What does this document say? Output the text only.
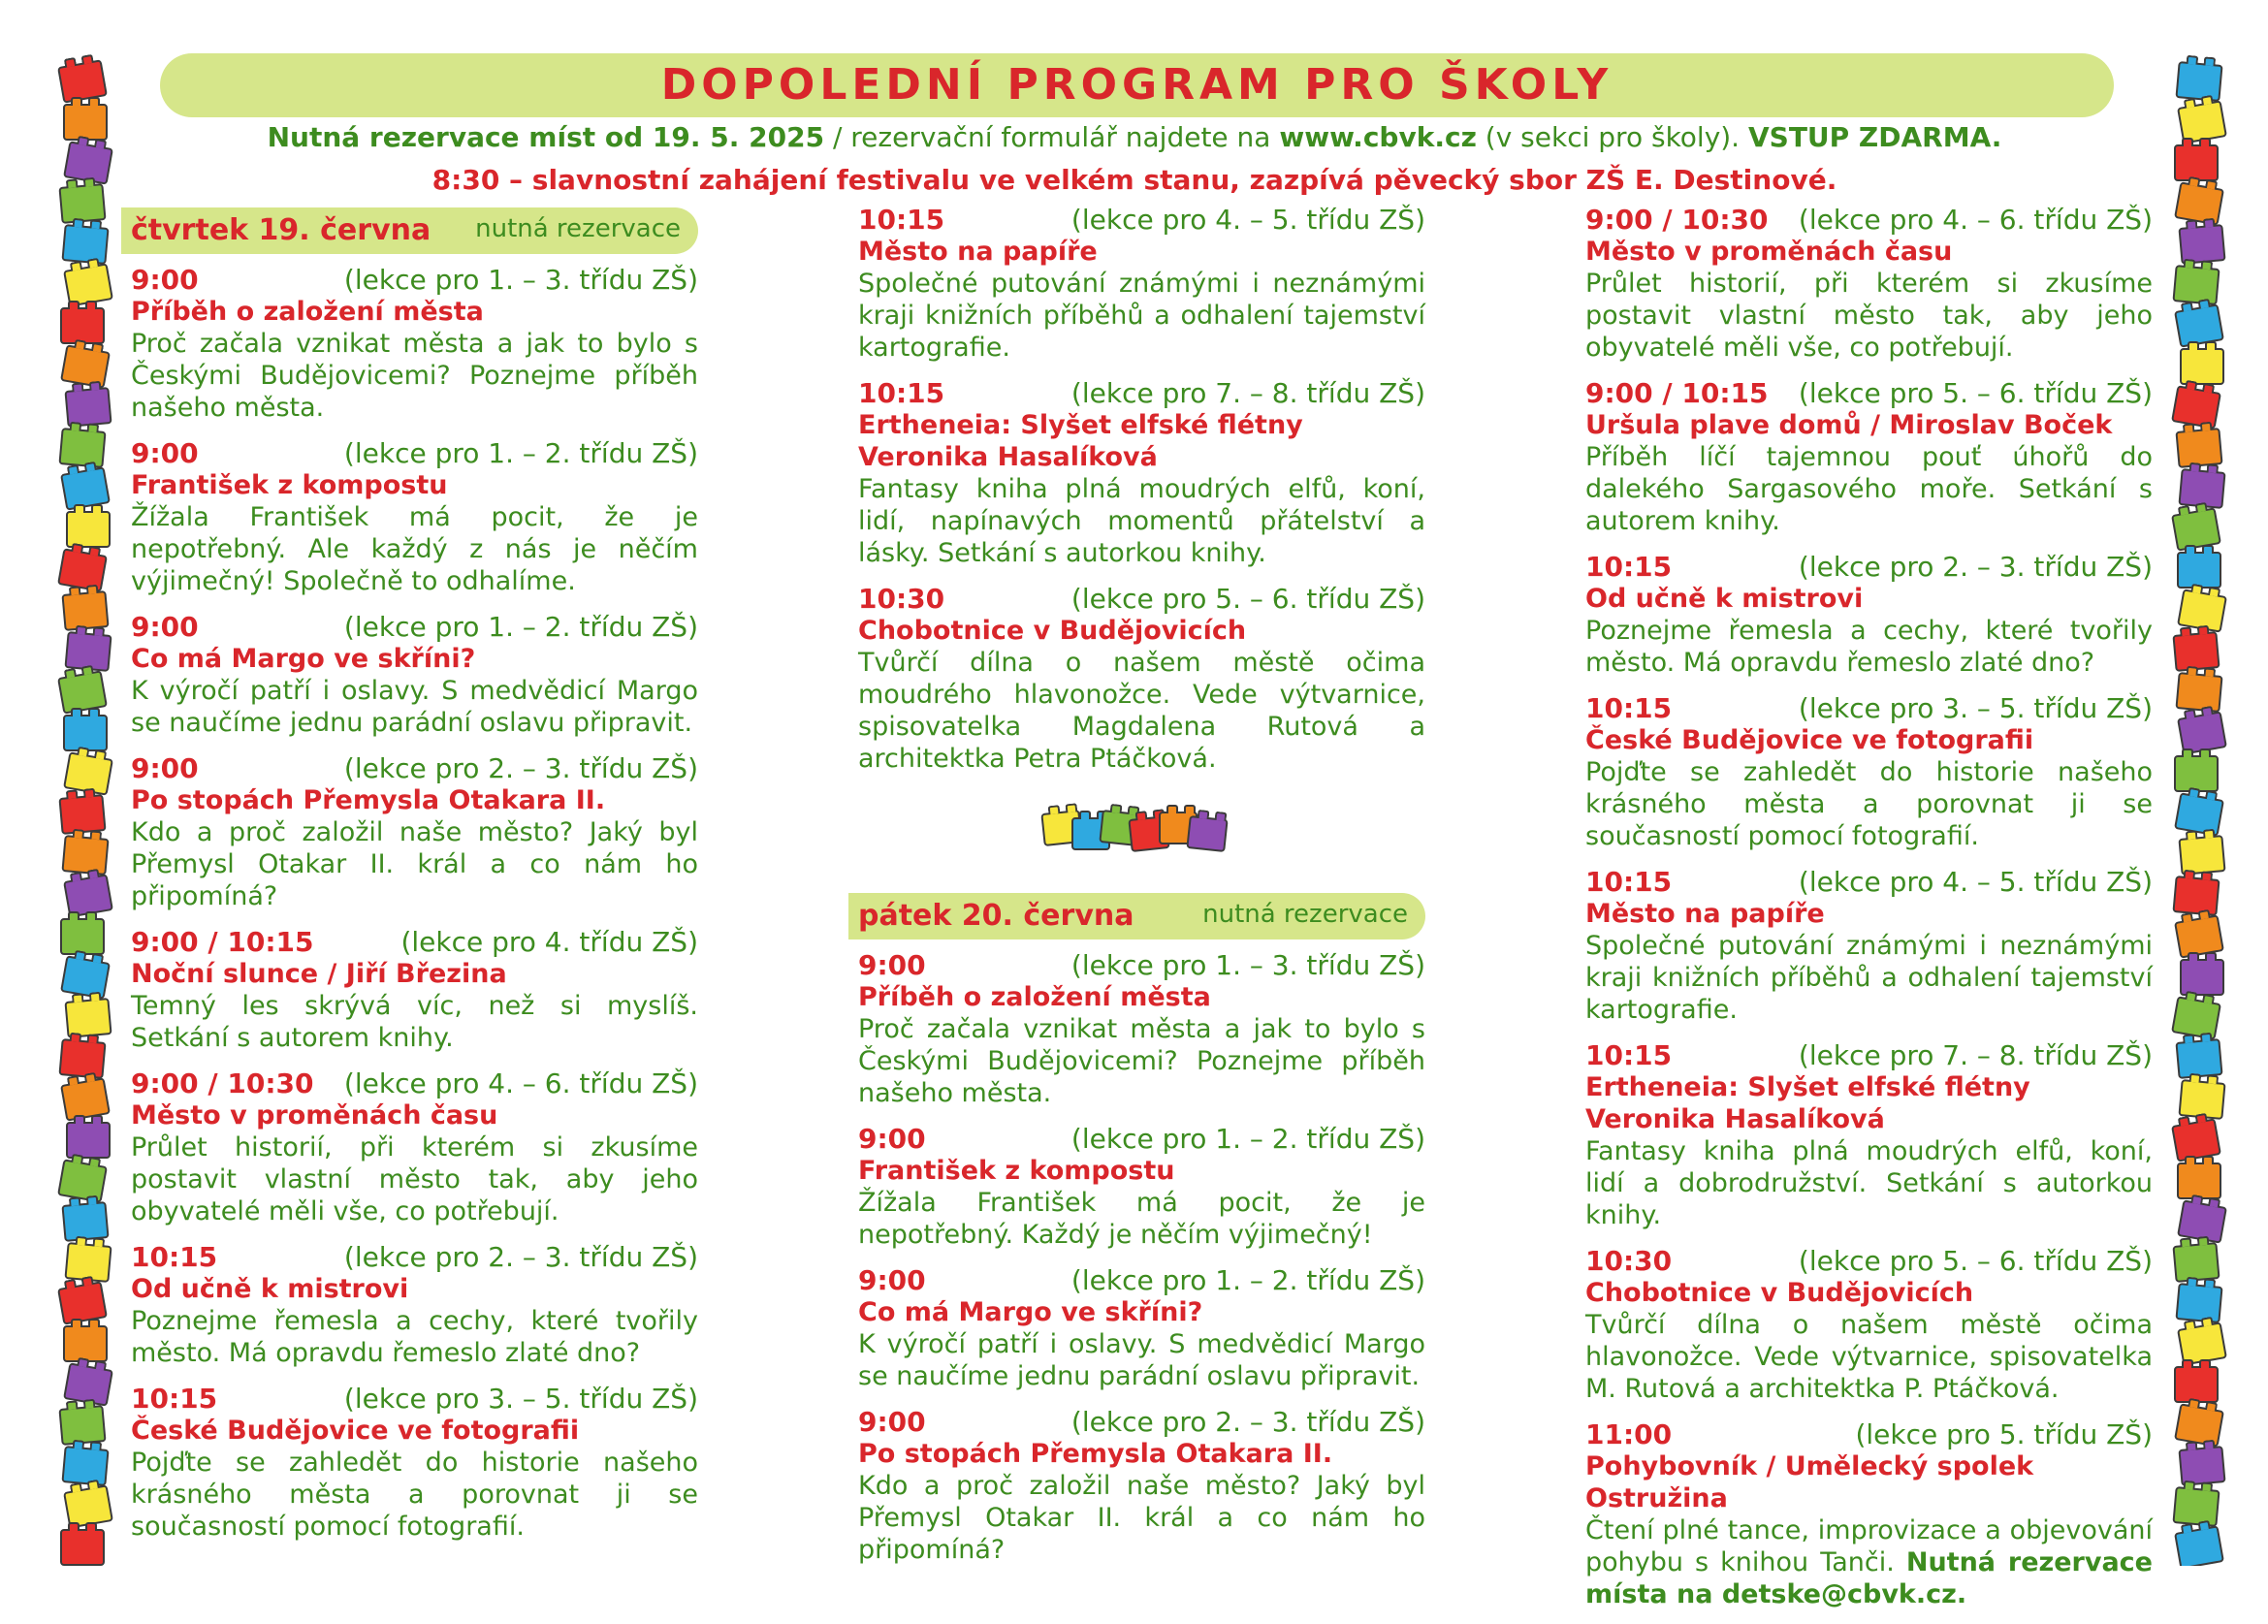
DOPOLEDNÍ PROGRAM PRO ŠKOLY
Nutná rezervace míst od 19. 5. 2025 / rezervační formulář najdete na www.cbvk.cz (v sekci pro školy). VSTUP ZDARMA.
8:30 – slavnostní zahájení festivalu ve velkém stanu, zazpívá pěvecký sbor ZŠ E. Destinové.
čtvrtek 19. června nutná rezervace
9:00	(lekce pro 1. – 3. třídu ZŠ)
Příběh o založení města
Proč začala vznikat města a jak to bylo s Českými Budějovicemi? Poznejme příběh našeho města.
9:00	(lekce pro 1. – 2. třídu ZŠ)
František z kompostu
Žížala František má pocit, že je nepotřebný. Ale každý z nás je něčím výjimečný! Společně to odhalíme.
9:00	(lekce pro 1. – 2. třídu ZŠ)
Co má Margo ve skříni?
K výročí patří i oslavy. S medvědicí Margo se naučíme jednu parádní oslavu připravit.
9:00	(lekce pro 2. – 3. třídu ZŠ)
Po stopách Přemysla Otakara II.
Kdo a proč založil naše město? Jaký byl Přemysl Otakar II. král a co nám ho připomíná?
9:00 / 10:15	(lekce pro 4. třídu ZŠ)
Noční slunce / Jiří Březina
Temný les skrývá víc, než si myslíš. Setkání s autorem knihy.
9:00 / 10:30 (lekce pro 4. – 6. třídu ZŠ)
Město v proměnách času
Průlet historií, při kterém si zkusíme postavit vlastní město tak, aby jeho obyvatelé měli vše, co potřebují.
10:15	(lekce pro 2. – 3. třídu ZŠ)
Od učně k mistrovi
Poznejme řemesla a cechy, které tvořily město. Má opravdu řemeslo zlaté dno?
10:15	(lekce pro 3. – 5. třídu ZŠ)
České Budějovice ve fotografii
Pojďte se zahledět do historie našeho krásného města a porovnat ji se současností pomocí fotografií.
10:15	(lekce pro 4. – 5. třídu ZŠ)
Město na papíře
Společné putování známými i neznámými kraji knižních příběhů a odhalení tajemství kartografie.
10:15	(lekce pro 7. – 8. třídu ZŠ)
Ertheneia: Slyšet elfské flétny
Veronika Hasalíková
Fantasy kniha plná moudrých elfů, koní, lidí, napínavých momentů přátelství a lásky. Setkání s autorkou knihy.
10:30	(lekce pro 5. – 6. třídu ZŠ)
Chobotnice v Budějovicích
Tvůrčí dílna o našem městě očima moudrého hlavonožce. Vede výtvarnice, spisovatelka Magdalena Rutová a architektka Petra Ptáčková.
pátek 20. června	nutná rezervace
9:00	(lekce pro 1. – 3. třídu ZŠ)
Příběh o založení města
Proč začala vznikat města a jak to bylo s Českými Budějovicemi? Poznejme příběh našeho města.
9:00	(lekce pro 1. – 2. třídu ZŠ)
František z kompostu
Žížala František má pocit, že je nepotřebný. Každý je něčím výjimečný!
9:00	(lekce pro 1. – 2. třídu ZŠ)
Co má Margo ve skříni?
K výročí patří i oslavy. S medvědicí Margo se naučíme jednu parádní oslavu připravit.
9:00	(lekce pro 2. – 3. třídu ZŠ)
Po stopách Přemysla Otakara II.
Kdo a proč založil naše město? Jaký byl Přemysl Otakar II. král a co nám ho připomíná?
9:00 / 10:30 (lekce pro 4. – 6. třídu ZŠ)
Město v proměnách času
Průlet historií, při kterém si zkusíme postavit vlastní město tak, aby jeho obyvatelé měli vše, co potřebují.
9:00 / 10:15 (lekce pro 5. – 6. třídu ZŠ)
Uršula plave domů / Miroslav Boček
Příběh líčí tajemnou pouť úhořů do dalekého Sargasového moře. Setkání s autorem knihy.
10:15	(lekce pro 2. – 3. třídu ZŠ)
Od učně k mistrovi
Poznejme řemesla a cechy, které tvořily město. Má opravdu řemeslo zlaté dno?
10:15	(lekce pro 3. – 5. třídu ZŠ)
České Budějovice ve fotografii
Pojďte se zahledět do historie našeho krásného města a porovnat ji se současností pomocí fotografií.
10:15	(lekce pro 4. – 5. třídu ZŠ)
Město na papíře
Společné putování známými i neznámými kraji knižních příběhů a odhalení tajemství kartografie.
10:15	(lekce pro 7. – 8. třídu ZŠ)
Ertheneia: Slyšet elfské flétny
Veronika Hasalíková
Fantasy kniha plná moudrých elfů, koní, lidí a dobrodružství. Setkání s autorkou knihy.
10:30	(lekce pro 5. – 6. třídu ZŠ)
Chobotnice v Budějovicích
Tvůrčí dílna o našem městě očima hlavonožce. Vede výtvarnice, spisovatelka M. Rutová a architektka P. Ptáčková.
11:00	(lekce pro 5. třídu ZŠ)
Pohybovník / Umělecký spolek Ostružina
Čtení plné tance, improvizace a objevování pohybu s knihou Tanči. Nutná rezervace místa na detske@cbvk.cz.
